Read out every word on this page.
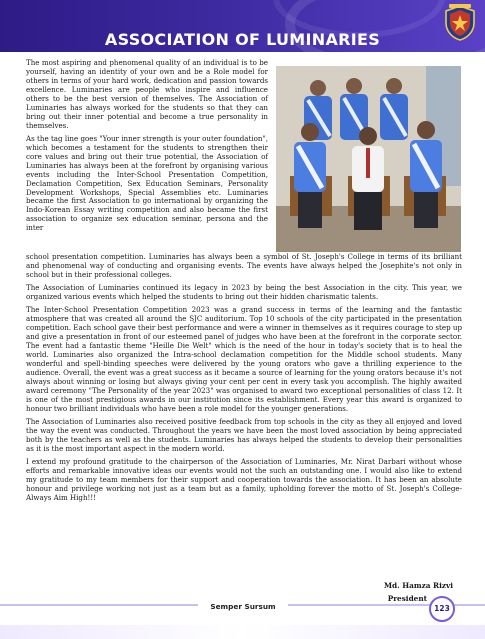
ASSOCIATION OF LUMINARIES

The most aspiring and phenomenal quality of an individual is to be yourself, having an identity of your own and be a Role model for others in terms of your hard work, dedication and passion towards excellence. Luminaries are people who inspire and influence others to be the best version of themselves. The Association of Luminaries has always worked for the students so that they can bring out their inner potential and become a true personality in themselves.

As the tag line goes "Your inner strength is your outer foundation", which becomes a testament for the students to strengthen their core values and bring out their true potential, the Association of Luminaries has always been at the forefront by organising various events including the Inter-School Presentation Competition, Declamation Competition, Sex Education Seminars, Personality Development Workshops, Special Assemblies etc. Luminaries became the first Association to go international by organizing the Indo-Korean Essay writing competition and also became the first association to organize sex education seminar, persona and the inter

school presentation competition. Luminaries has always been a symbol of St. Joseph's College in terms of its brilliant and phenomenal way of conducting and organising events. The events have always helped the Josephite's not only in school but in their professional colleges.

The Association of Luminaries continued its legacy in 2023 by being the best Association in the city. This year, we organized various events which helped the students to bring out their hidden charismatic talents.

The Inter-School Presentation Competition 2023 was a grand success in terms of the learning and the fantastic atmosphere that was created all around the SJC auditorium. Top 10 schools of the city participated in the presentation competition. Each school gave their best performance and were a winner in themselves as it requires courage to step up and give a presentation in front of our esteemed panel of judges who have been at the forefront in the corporate sector. The event had a fantastic theme "Heille Die Welt" which is the need of the hour in today's society that is to heal the world. Luminaries also organized the Intra-school declamation competition for the Middle school students. Many wonderful and spell-binding speeches were delivered by the young orators who gave a thrilling experience to the audience. Overall, the event was a great success as it became a source of learning for the young orators because it's not always about winning or losing but always giving your cent per cent in every task you accomplish. The highly awaited award ceremony "The Personality of the year 2023" was organised to award two exceptional personalities of class 12. It is one of the most prestigious awards in our institution since its establishment. Every year this award is organized to honour two brilliant individuals who have been a role model for the younger generations.

The Association of Luminaries also received positive feedback from top schools in the city as they all enjoyed and loved the way the event was conducted. Throughout the years we have been the most loved association by being appreciated both by the teachers as well as the students. Luminaries has always helped the students to develop their personalities as it is the most important aspect in the modern world.

I extend my profound gratitude to the chairperson of the Association of Luminaries, Mr. Nirat Darbari without whose efforts and remarkable innovative ideas our events would not the such an outstanding one. I would also like to extend my gratitude to my team members for their support and cooperation towards the association. It has been an absolute honour and privilege working not just as a team but as a family, upholding forever the motto of St. Joseph's College-Always Aim High!!!

Md. Hamza Rizvi
President
Semper Sursum	123
